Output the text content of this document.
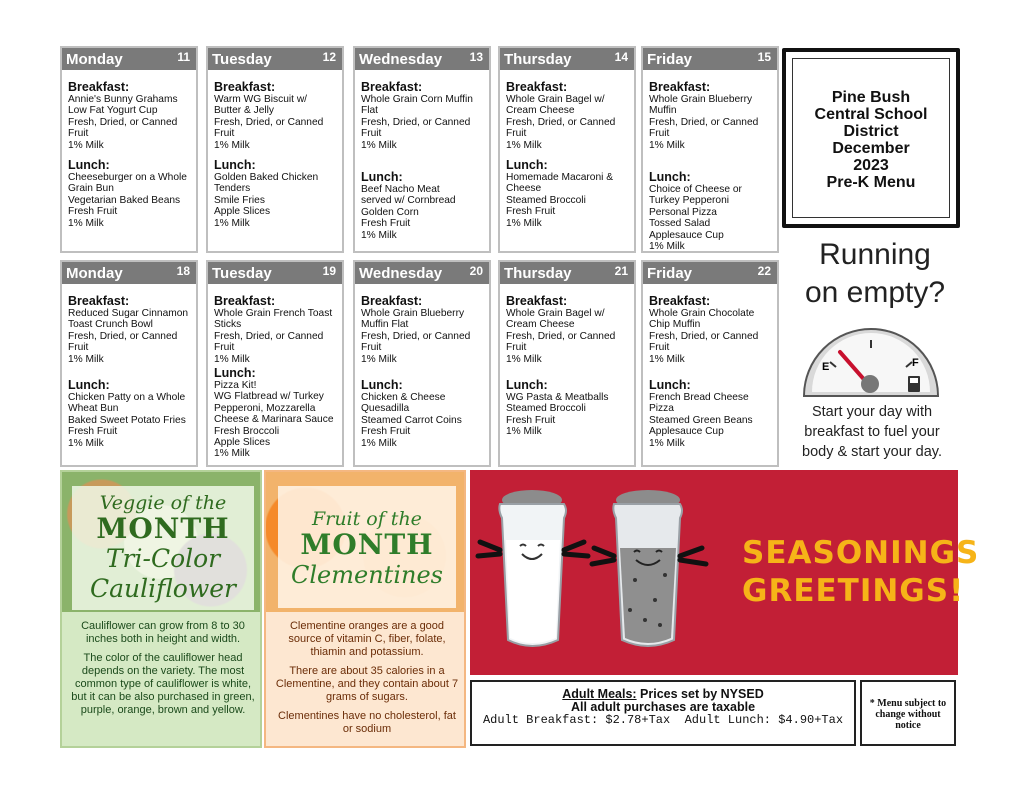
Monday	11
Breakfast:
Annie's Bunny Grahams
Low Fat Yogurt Cup
Fresh, Dried, or Canned
Fruit
1% Milk
Lunch:
Cheeseburger on a Whole
Grain Bun
Vegetarian Baked Beans
Fresh Fruit
1% Milk
Tuesday	12
Breakfast:
Warm WG Biscuit w/
Butter & Jelly
Fresh, Dried, or Canned
Fruit
1% Milk
Lunch:
Golden Baked Chicken
Tenders
Smile Fries
Apple Slices
1% Milk
Wednesday 13
Breakfast:
Whole Grain Corn Muffin
Flat
Fresh, Dried, or Canned
Fruit
1% Milk
Lunch:
Beef Nacho Meat
served w/ Cornbread
Golden Corn
Fresh Fruit
1% Milk
Thursday	14
Breakfast:
Whole Grain Bagel w/
Cream Cheese
Fresh, Dried, or Canned
Fruit
1% Milk
Lunch:
Homemade Macaroni &
Cheese
Steamed Broccoli
Fresh Fruit
1% Milk
Friday	15
Breakfast:
Whole Grain Blueberry
Muffin
Fresh, Dried, or Canned
Fruit
1% Milk
Lunch:
Choice of Cheese or
Turkey Pepperoni
Personal Pizza
Tossed Salad
Applesauce Cup
1% Milk
Monday	18
Breakfast:
Reduced Sugar Cinnamon
Toast Crunch Bowl
Fresh, Dried, or Canned
Fruit
1% Milk
Lunch:
Chicken Patty on a Whole
Wheat Bun
Baked Sweet Potato Fries
Fresh Fruit
1% Milk
Tuesday	19
Breakfast:
Whole Grain French Toast
Sticks
Fresh, Dried, or Canned
Fruit
1% Milk
Lunch:
Pizza Kit!
WG Flatbread w/ Turkey
Pepperoni, Mozzarella
Cheese & Marinara Sauce
Fresh Broccoli
Apple Slices
1% Milk
Wednesday 20
Breakfast:
Whole Grain Blueberry
Muffin Flat
Fresh, Dried, or Canned
Fruit
1% Milk
Lunch:
Chicken & Cheese
Quesadilla
Steamed Carrot Coins
Fresh Fruit
1% Milk
Thursday	21
Breakfast:
Whole Grain Bagel w/
Cream Cheese
Fresh, Dried, or Canned
Fruit
1% Milk
Lunch:
WG Pasta & Meatballs
Steamed Broccoli
Fresh Fruit
1% Milk
Friday	22
Breakfast:
Whole Grain Chocolate
Chip Muffin
Fresh, Dried, or Canned
Fruit
1% Milk
Lunch:
French Bread Cheese
Pizza
Steamed Green Beans
Applesauce Cup
1% Milk
Pine Bush
Central School
District
December
2023
Pre-K Menu
Running
on empty?
E	F
Start your day with breakfast to fuel your body & start your day.
Veggie of the
MONTH
Tri-Color
Cauliflower
Cauliflower can grow from 8 to 30 inches both in height and width.
The color of the cauliflower head depends on the variety. The most common type of cauliflower is white, but it can be also purchased in green, purple, orange, brown and yellow.
Fruit of the
MONTH
Clementines
Clementine oranges are a good source of vitamin C, fiber, folate, thiamin and potassium.
There are about 35 calories in a Clementine, and they contain about 7 grams of sugars.
Clementines have no cholesterol, fat or sodium
SEASONINGS
GREETINGS!
Adult Meals: Prices set by NYSED
All adult purchases are taxable
Adult Breakfast: $2.78+Tax Adult Lunch: $4.90+Tax
* Menu subject to change without notice
